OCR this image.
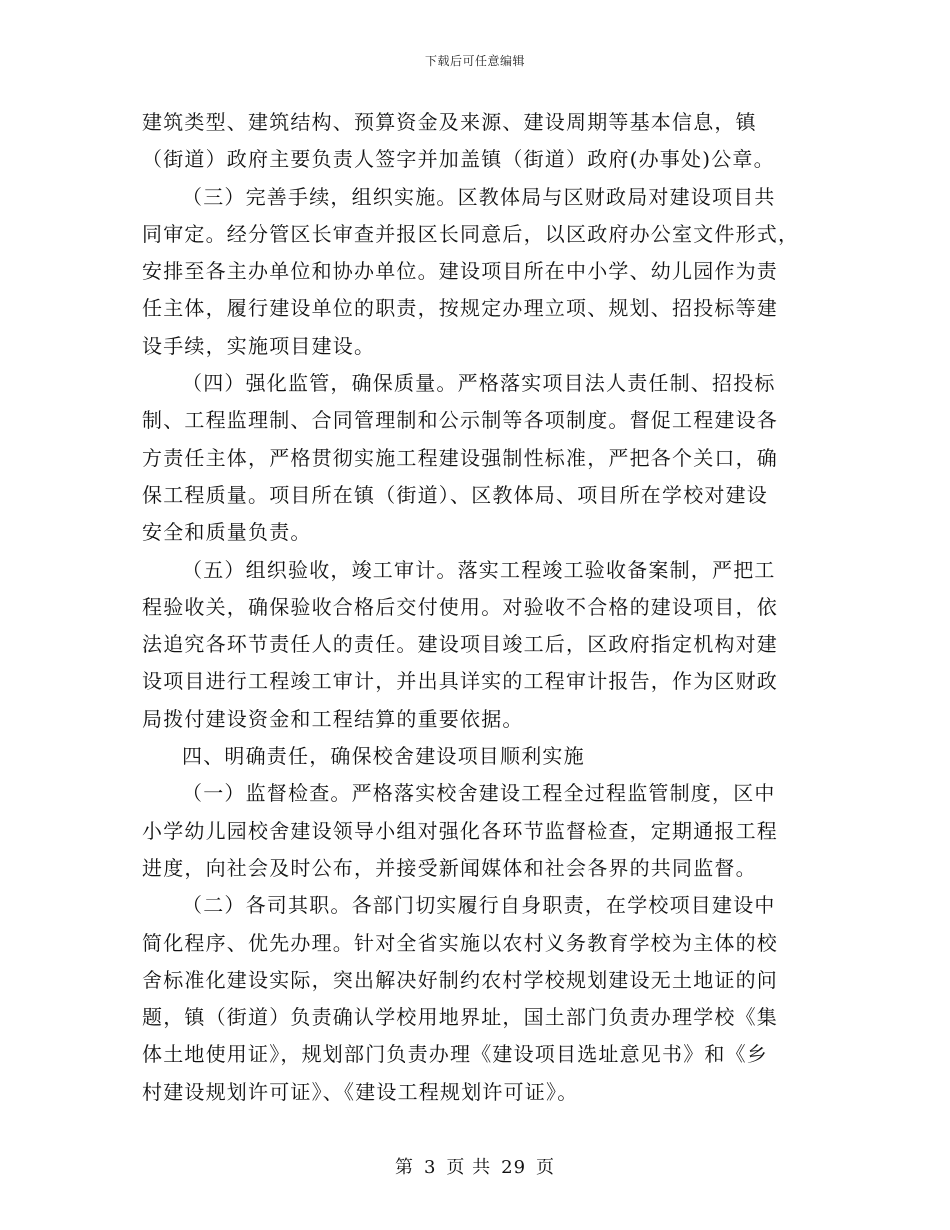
下载后可任意编辑
建筑类型、建筑结构、预算资金及来源、建设周期等基本信息，镇
（街道）政府主要负责人签字并加盖镇（街道）政府(办事处)公章。
（三）完善手续，组织实施。区教体局与区财政局对建设项目共
同审定。经分管区长审查并报区长同意后，以区政府办公室文件形式，
安排至各主办单位和协办单位。建设项目所在中小学、幼儿园作为责
任主体，履行建设单位的职责，按规定办理立项、规划、招投标等建
设手续，实施项目建设。
（四）强化监管，确保质量。严格落实项目法人责任制、招投标
制、工程监理制、合同管理制和公示制等各项制度。督促工程建设各
方责任主体，严格贯彻实施工程建设强制性标准，严把各个关口，确
保工程质量。项目所在镇（街道）、区教体局、项目所在学校对建设
安全和质量负责。
（五）组织验收，竣工审计。落实工程竣工验收备案制，严把工
程验收关，确保验收合格后交付使用。对验收不合格的建设项目，依
法追究各环节责任人的责任。建设项目竣工后，区政府指定机构对建
设项目进行工程竣工审计，并出具详实的工程审计报告，作为区财政
局拨付建设资金和工程结算的重要依据。
四、明确责任，确保校舍建设项目顺利实施
（一）监督检查。严格落实校舍建设工程全过程监管制度，区中
小学幼儿园校舍建设领导小组对强化各环节监督检查，定期通报工程
进度，向社会及时公布，并接受新闻媒体和社会各界的共同监督。
（二）各司其职。各部门切实履行自身职责，在学校项目建设中
简化程序、优先办理。针对全省实施以农村义务教育学校为主体的校
舍标准化建设实际，突出解决好制约农村学校规划建设无土地证的问
题，镇（街道）负责确认学校用地界址，国土部门负责办理学校《集
体土地使用证》，规划部门负责办理《建设项目选址意见书》和《乡
村建设规划许可证》、《建设工程规划许可证》。
第 3 页 共 29 页
